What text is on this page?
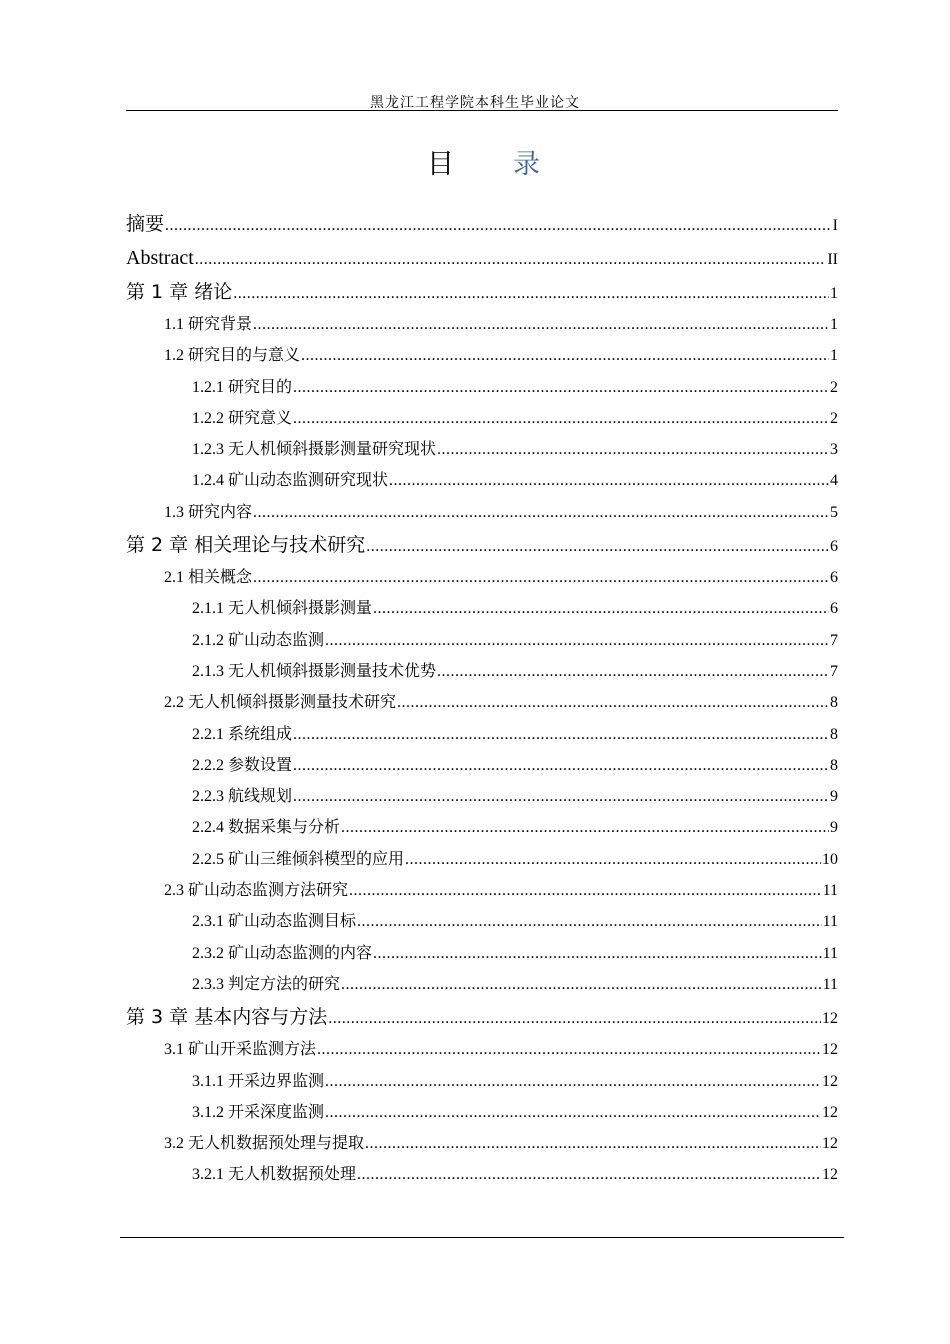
黑龙江工程学院本科生毕业论文
目 录
摘要 .....	I
Abstract .....	II
第 1 章 绪论 .....	1
1.1 研究背景 .....	1
1.2 研究目的与意义 .....	1
1.2.1 研究目的 .....	2
1.2.2 研究意义 .....	2
1.2.3 无人机倾斜摄影测量研究现状 .....	3
1.2.4 矿山动态监测研究现状 .....	4
1.3 研究内容 .....	5
第 2 章 相关理论与技术研究 .....	6
2.1 相关概念 .....	6
2.1.1 无人机倾斜摄影测量 .....	6
2.1.2 矿山动态监测 .....	7
2.1.3 无人机倾斜摄影测量技术优势 .....	7
2.2 无人机倾斜摄影测量技术研究 .....	8
2.2.1 系统组成 .....	8
2.2.2 参数设置 .....	8
2.2.3 航线规划 .....	9
2.2.4 数据采集与分析 .....	9
2.2.5 矿山三维倾斜模型的应用 .....	10
2.3 矿山动态监测方法研究 .....	11
2.3.1 矿山动态监测目标 .....	11
2.3.2 矿山动态监测的内容 .....	11
2.3.3 判定方法的研究 .....	11
第 3 章 基本内容与方法 .....	12
3.1 矿山开采监测方法 .....	12
3.1.1 开采边界监测 .....	12
3.1.2 开采深度监测 .....	12
3.2 无人机数据预处理与提取 .....	12
3.2.1 无人机数据预处理 .....	12
